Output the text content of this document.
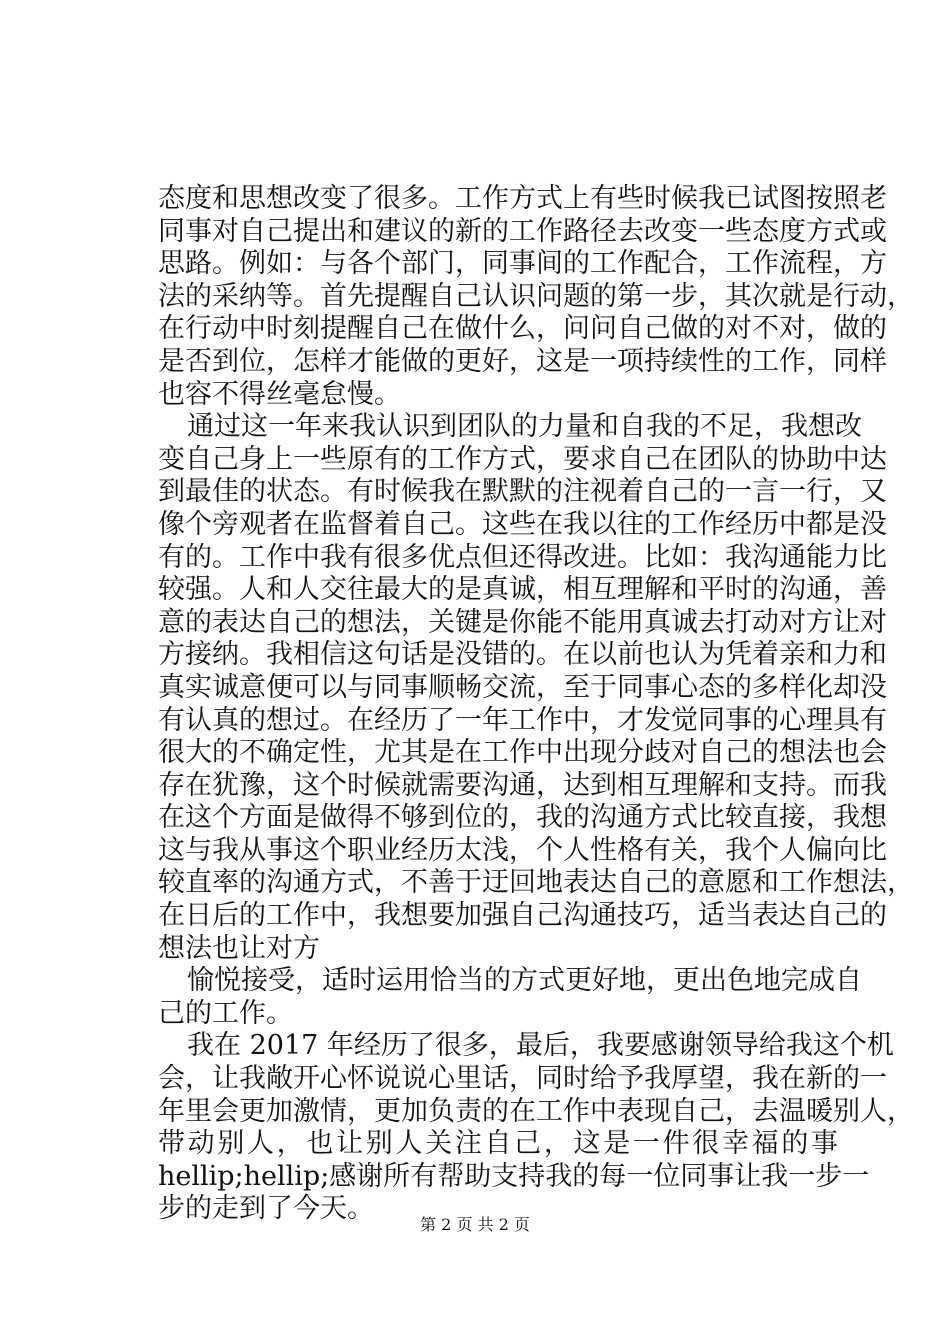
态度和思想改变了很多。工作方式上有些时候我已试图按照老
同事对自己提出和建议的新的工作路径去改变一些态度方式或
思路。例如：与各个部门，同事间的工作配合，工作流程，方
法的采纳等。首先提醒自己认识问题的第一步，其次就是行动，
在行动中时刻提醒自己在做什么，问问自己做的对不对，做的
是否到位，怎样才能做的更好，这是一项持续性的工作，同样
也容不得丝毫怠慢。
通过这一年来我认识到团队的力量和自我的不足，我想改
变自己身上一些原有的工作方式，要求自己在团队的协助中达
到最佳的状态。有时候我在默默的注视着自己的一言一行，又
像个旁观者在监督着自己。这些在我以往的工作经历中都是没
有的。工作中我有很多优点但还得改进。比如：我沟通能力比
较强。人和人交往最大的是真诚，相互理解和平时的沟通，善
意的表达自己的想法，关键是你能不能用真诚去打动对方让对
方接纳。我相信这句话是没错的。在以前也认为凭着亲和力和
真实诚意便可以与同事顺畅交流，至于同事心态的多样化却没
有认真的想过。在经历了一年工作中，才发觉同事的心理具有
很大的不确定性，尤其是在工作中出现分歧对自己的想法也会
存在犹豫，这个时候就需要沟通，达到相互理解和支持。而我
在这个方面是做得不够到位的，我的沟通方式比较直接，我想
这与我从事这个职业经历太浅，个人性格有关，我个人偏向比
较直率的沟通方式，不善于迂回地表达自己的意愿和工作想法，
在日后的工作中，我想要加强自己沟通技巧，适当表达自己的
想法也让对方
愉悦接受，适时运用恰当的方式更好地，更出色地完成自
己的工作。
我在 2017 年经历了很多，最后，我要感谢领导给我这个机
会，让我敞开心怀说说心里话，同时给予我厚望，我在新的一
年里会更加激情，更加负责的在工作中表现自己，去温暖别人，
带动别人，也让别人关注自己，这是一件很幸福的事
hellip;hellip;感谢所有帮助支持我的每一位同事让我一步一
步的走到了今天。
第 2 页 共 2 页
